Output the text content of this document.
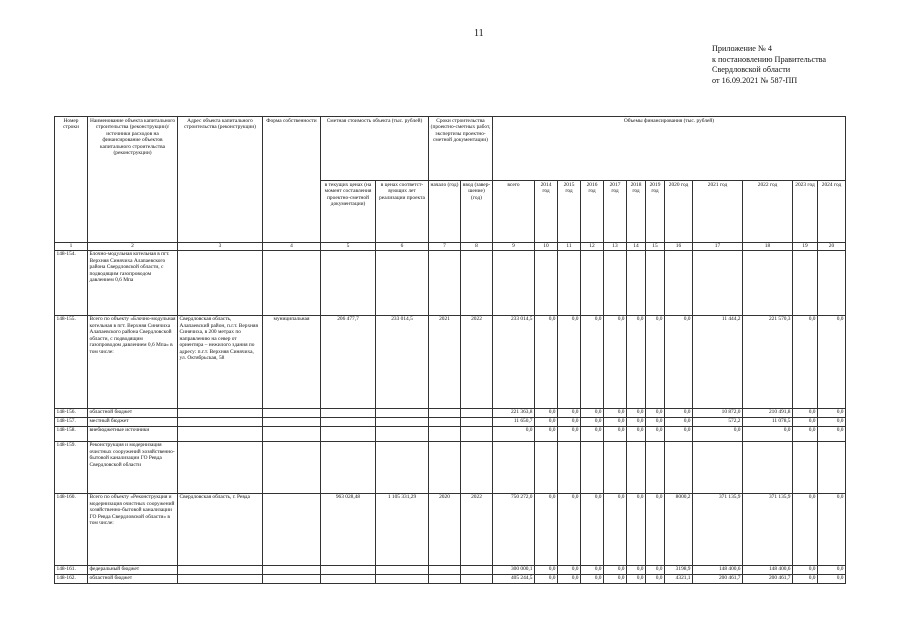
11
Приложение № 4
к постановлению Правительства
Свердловской области
от 16.09.2021 № 587-ПП
Номер строки	Наименование объекта капитального строительства (реконструкции)/ источники расходов на финансирование объектов капитального строительства (реконструкции)	Адрес объекта капитального строительства (реконструкции)	Форма собственности	Сметная стоимость объекта (тыс. рублей)		Сроки строительства (проектно-сметных работ, экспертизы проектно-сметной документации)		Объемы финансирования (тыс. рублей)											
				в текущих ценах (на момент составления проектно-сметной документации)	в ценах соответст-вующих лет реализации проекта	начало (год)	ввод (завер-шение) (год)	всего	2014 год	2015 год	2016 год	2017 год	2018 год	2019 год	2020 год	2021 год	2022 год	2023 год	2024 год
1	2	3	4	5	6	7	8	9	10	11	12	13	14	15	16	17	18	19	20
148-154.	Блочно-модульная котельная в пгт. Верхняя Синячиха Алапаевского района Свердловской области, с подводящим газопроводом давлением 0,6 Мпа																		
148-155.	Всего по объекту «Блочно-модульная котельная в пгт. Верхняя Синячиха Алапаевского района Свердловской области, с подводящим газопроводом давлением 0,6 Мпа» в том числе:	Свердловская область, Алапаевский район, п.г.т. Верхняя Синячиха, в 200 метрах по направлению на север от ориентира – нежилого здания по адресу: п.г.т. Верхняя Синячиха, ул. Октябрьская, 58	муниципальная	206 477,7	233 014,5	2021	2022	233 014,5	0,0	0,0	0,0	0,0	0,0	0,0	0,0	11 444,2	221 570,3	0,0	0,0
148-156.	областной бюджет							221 363,8	0,0	0,0	0,0	0,0	0,0	0,0	0,0	10 872,0	210 491,8	0,0	0,0
148-157.	местный бюджет							11 650,7	0,0	0,0	0,0	0,0	0,0	0,0	0,0	572,2	11 078,5	0,0	0,0
148-158.	внебюджетные источники							0,0	0,0	0,0	0,0	0,0	0,0	0,0	0,0	0,0	0,0	0,0	0,0
148-159.	Реконструкция и модернизация очистных сооружений хозяйственно-бытовой канализации ГО Ревда Свердловской области																		
148-160.	Всего по объекту «Реконструкция и модернизация очистных сооружений хозяйственно-бытовой канализации ГО Ревда Свердловской области» в том числе:	Свердловская область, г. Ревда		963 028,48	1 105 331,29	2020	2022	750 272,0	0,0	0,0	0,0	0,0	0,0	0,0	8000,2	371 135,9	371 135,9	0,0	0,0
148-161.	федеральный бюджет							300 000,1	0,0	0,0	0,0	0,0	0,0	0,0	3198,9	148 400,6	148 400,6	0,0	0,0
148-162.	областной бюджет							405 244,5	0,0	0,0	0,0	0,0	0,0	0,0	4321,1	200 461,7	200 461,7	0,0	0,0
